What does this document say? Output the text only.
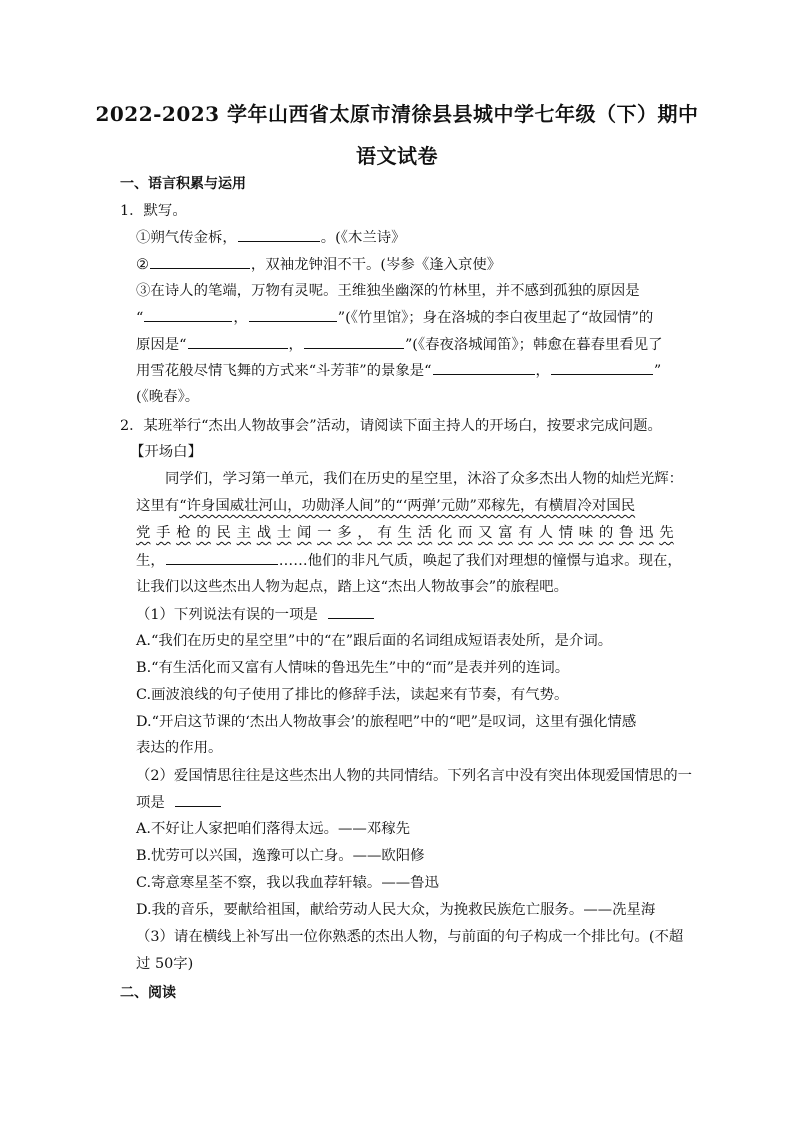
2022-2023 学年山西省太原市清徐县县城中学七年级（下）期中
语文试卷
一、语言积累与运用
1．默写。
①朔气传金柝，	。(《木兰诗》
②	，双袖龙钟泪不干。(岑参《逢入京使》
③在诗人的笔端，万物有灵呢。王维独坐幽深的竹林里，并不感到孤独的原因是
“	，	”(《竹里馆》；身在洛城的李白夜里起了“故园情”的
原因是“	，	”(《春夜洛城闻笛》；韩愈在暮春里看见了
用雪花般尽情飞舞的方式来“斗芳菲”的景象是“	，	”
(《晚春》。
2．某班举行“杰出人物故事会”活动，请阅读下面主持人的开场白，按要求完成问题。
【开场白】
同学们，学习第一单元，我们在历史的星空里，沐浴了众多杰出人物的灿烂光辉：
这里有“许身国威壮河山，功勋泽人间”的“‘两弹’元勋”邓稼先，有横眉冷对国民
党 手 枪 的 民 主 战 士 闻 一 多 ， 有 生 活 化 而 又 富 有 人 情 味 的 鲁 迅 先
生，	……他们的非凡气质，唤起了我们对理想的憧憬与追求。现在，
让我们以这些杰出人物为起点，踏上这“杰出人物故事会”的旅程吧。
（1）下列说法有误的一项是
A.“我们在历史的星空里”中的“在”跟后面的名词组成短语表处所，是介词。
B.“有生活化而又富有人情味的鲁迅先生”中的“而”是表并列的连词。
C.画波浪线的句子使用了排比的修辞手法，读起来有节奏，有气势。
D.“开启这节课的‘杰出人物故事会’的旅程吧”中的“吧”是叹词，这里有强化情感
表达的作用。
（2）爱国情思往往是这些杰出人物的共同情结。下列名言中没有突出体现爱国情思的一
项是
A.不好让人家把咱们落得太远。——邓稼先
B.忧劳可以兴国，逸豫可以亡身。——欧阳修
C.寄意寒星荃不察，我以我血荐轩辕。——鲁迅
D.我的音乐，要献给祖国，献给劳动人民大众，为挽救民族危亡服务。——冼星海
（3）请在横线上补写出一位你熟悉的杰出人物，与前面的句子构成一个排比句。(不超
过 50字)
二、阅读
